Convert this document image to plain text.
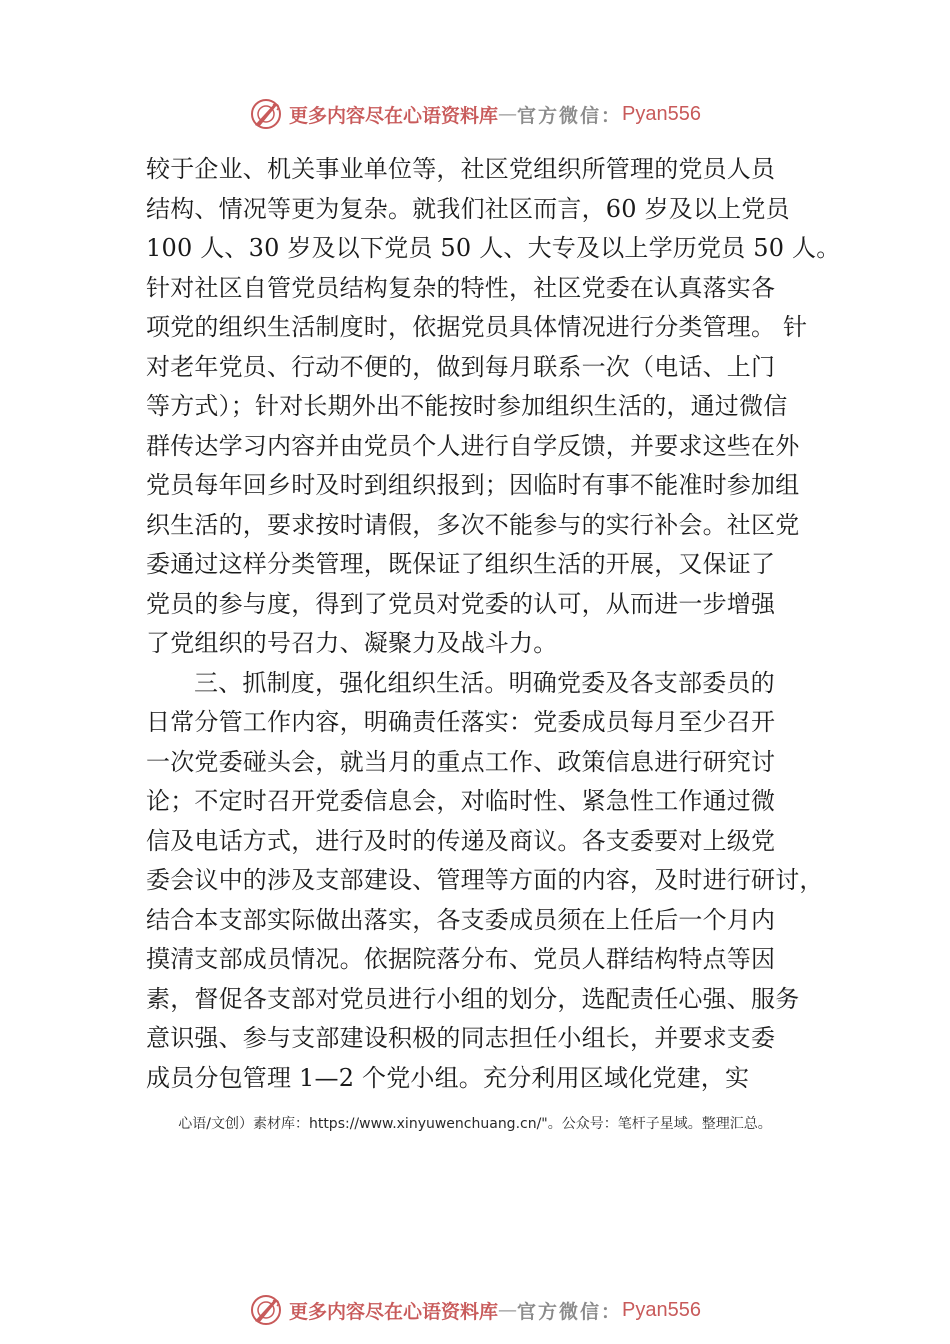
更多内容尽在心语资料库 — 官方微信： Pyan556
较于企业、机关事业单位等，社区党组织所管理的党员人员
结构、情况等更为复杂。就我们社区而言，60 岁及以上党员
100 人、30 岁及以下党员 50 人、大专及以上学历党员 50 人。
针对社区自管党员结构复杂的特性，社区党委在认真落实各
项党的组织生活制度时，依据党员具体情况进行分类管理。 针
对老年党员、行动不便的，做到每月联系一次（电话、上门
等方式）；针对长期外出不能按时参加组织生活的，通过微信
群传达学习内容并由党员个人进行自学反馈，并要求这些在外
党员每年回乡时及时到组织报到；因临时有事不能准时参加组
织生活的，要求按时请假，多次不能参与的实行补会。社区党
委通过这样分类管理，既保证了组织生活的开展，又保证了
党员的参与度，得到了党员对党委的认可，从而进一步增强
了党组织的号召力、凝聚力及战斗力。
三、抓制度，强化组织生活。明确党委及各支部委员的
日常分管工作内容，明确责任落实：党委成员每月至少召开
一次党委碰头会，就当月的重点工作、政策信息进行研究讨
论；不定时召开党委信息会，对临时性、紧急性工作通过微
信及电话方式，进行及时的传递及商议。各支委要对上级党
委会议中的涉及支部建设、管理等方面的内容，及时进行研讨，
结合本支部实际做出落实，各支委成员须在上任后一个月内
摸清支部成员情况。依据院落分布、党员人群结构特点等因
素，督促各支部对党员进行小组的划分，选配责任心强、服务
意识强、参与支部建设积极的同志担任小组长，并要求支委
成员分包管理 1—2 个党小组。充分利用区域化党建，实
心语/文创）素材库：https://www.xinyuwenchuang.cn/"。公众号：笔杆子星域。整理汇总。
更多内容尽在心语资料库 — 官方微信： Pyan556
